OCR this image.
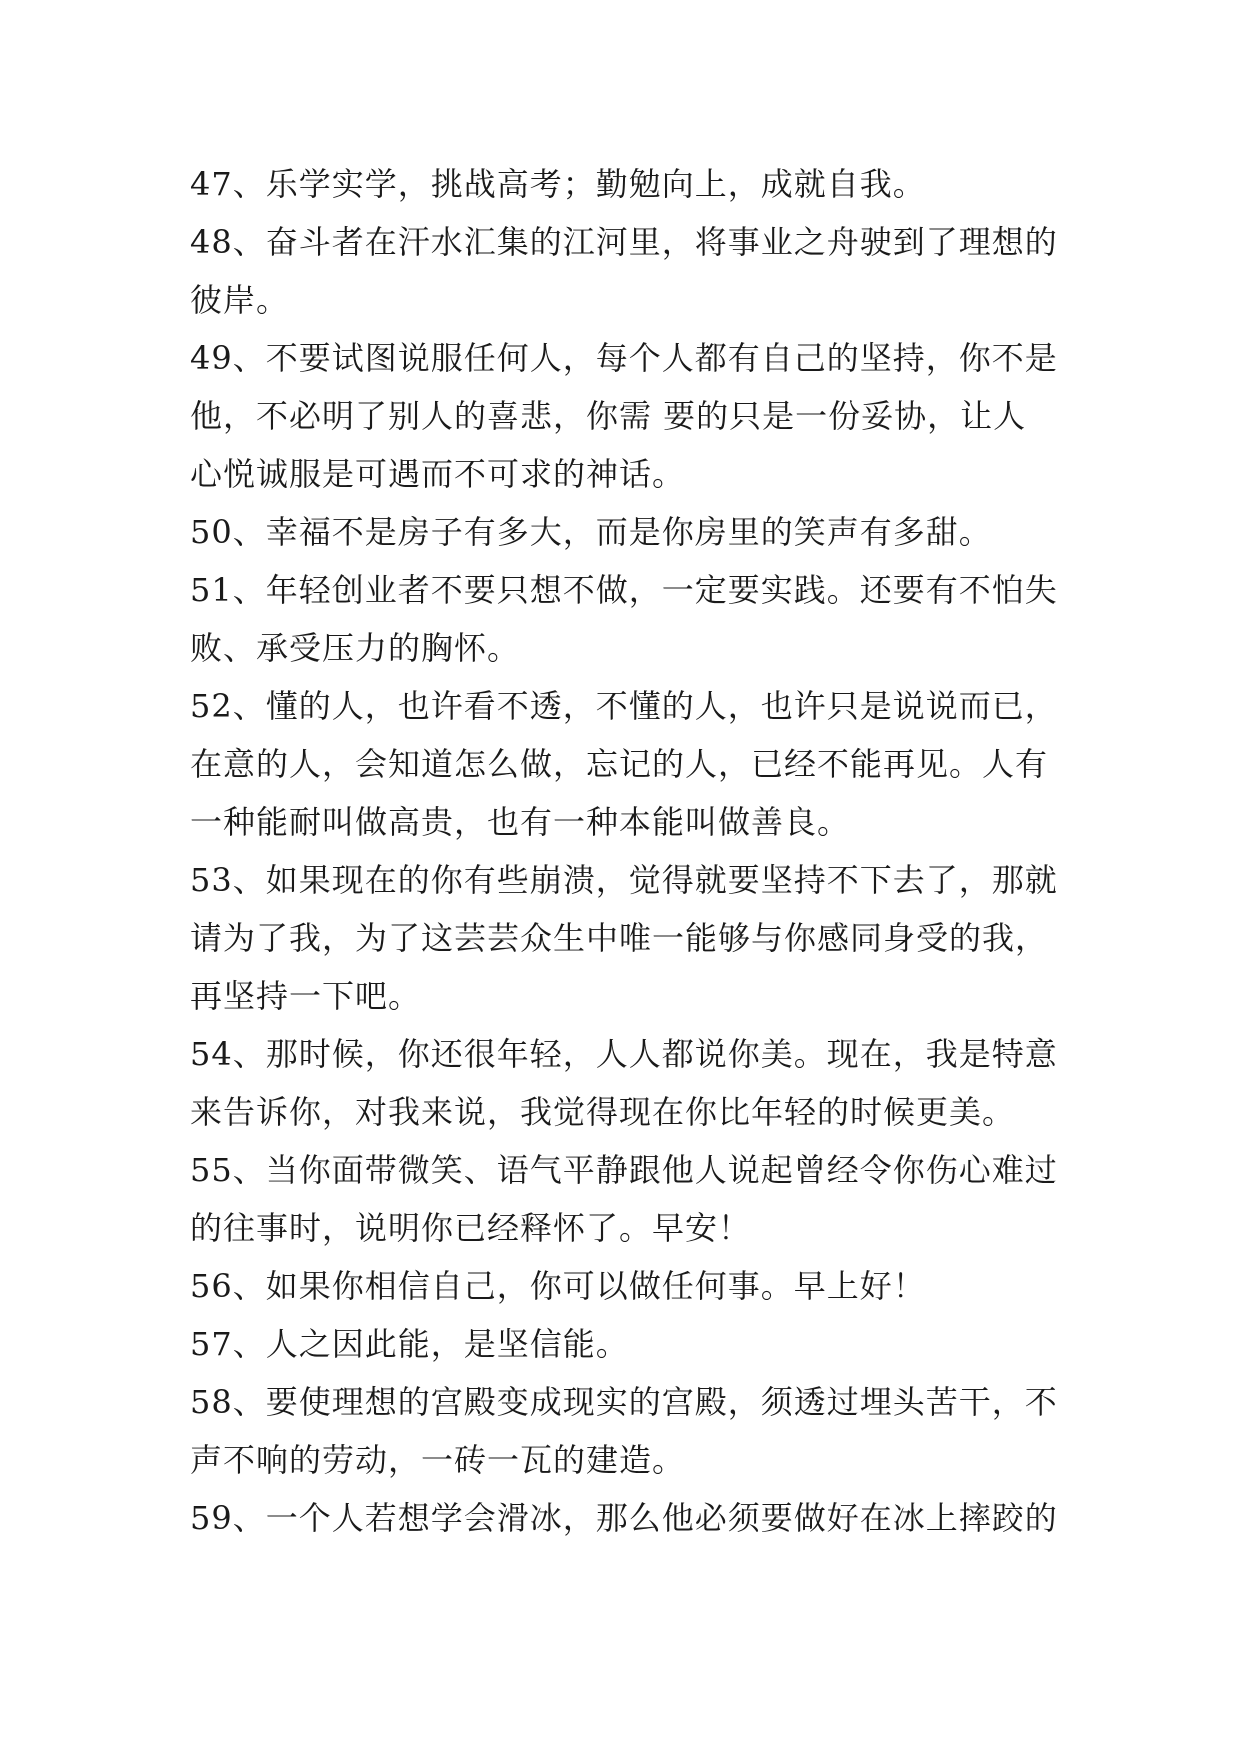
47、乐学实学，挑战高考；勤勉向上，成就自我。
48、奋斗者在汗水汇集的江河里，将事业之舟驶到了理想的
彼岸。
49、不要试图说服任何人，每个人都有自己的坚持，你不是
他，不必明了别人的喜悲，你需 要的只是一份妥协，让人
心悦诚服是可遇而不可求的神话。
50、幸福不是房子有多大，而是你房里的笑声有多甜。
51、年轻创业者不要只想不做，一定要实践。还要有不怕失
败、承受压力的胸怀。
52、懂的人，也许看不透，不懂的人，也许只是说说而已，
在意的人，会知道怎么做，忘记的人，已经不能再见。人有
一种能耐叫做高贵，也有一种本能叫做善良。
53、如果现在的你有些崩溃，觉得就要坚持不下去了，那就
请为了我，为了这芸芸众生中唯一能够与你感同身受的我，
再坚持一下吧。
54、那时候，你还很年轻，人人都说你美。现在，我是特意
来告诉你，对我来说，我觉得现在你比年轻的时候更美。
55、当你面带微笑、语气平静跟他人说起曾经令你伤心难过
的往事时，说明你已经释怀了。早安！
56、如果你相信自己，你可以做任何事。早上好！
57、人之因此能，是坚信能。
58、要使理想的宫殿变成现实的宫殿，须透过埋头苦干，不
声不响的劳动，一砖一瓦的建造。
59、一个人若想学会滑冰，那么他必须要做好在冰上摔跤的
